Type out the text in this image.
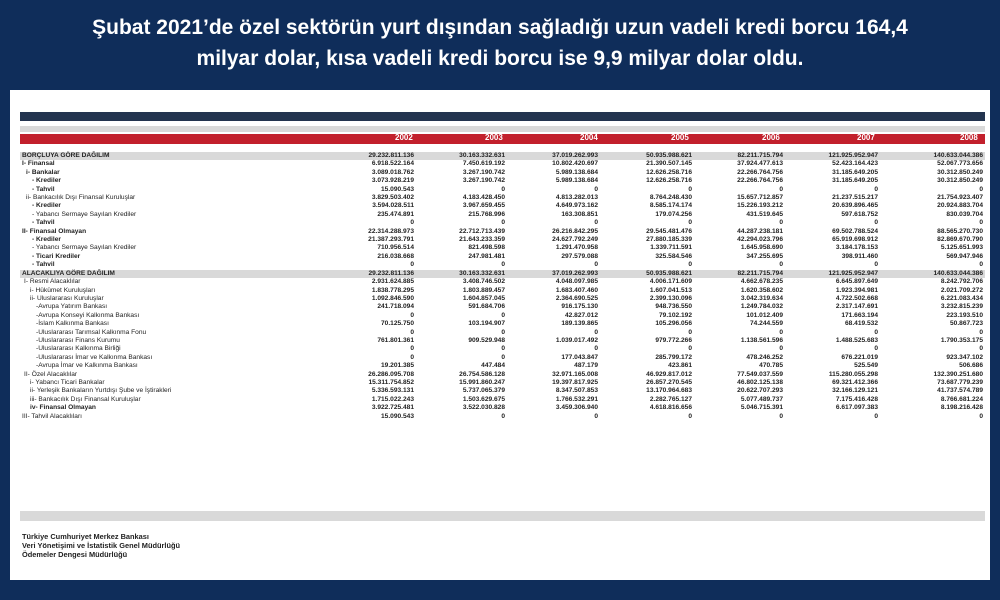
Şubat 2021’de özel sektörün yurt dışından sağladığı uzun vadeli kredi borcu 164,4
milyar dolar, kısa vadeli kredi borcu ise 9,9 milyar dolar oldu.
2002	2003	2004	2005	2006	2007	2008
BORÇLUYA GÖRE DAĞILIM	29.232.811.136	30.163.332.631	37.019.262.993	50.935.988.621	82.211.715.794	121.925.952.947	140.633.044.386
I- Finansal	6.918.522.164	7.450.619.192	10.802.420.697	21.390.507.145	37.924.477.613	52.423.164.423	52.067.773.656
i- Bankalar	3.089.018.762	3.267.190.742	5.989.138.684	12.626.258.716	22.266.764.756	31.185.649.205	30.312.850.249
- Krediler	3.073.928.219	3.267.190.742	5.989.138.684	12.626.258.716	22.266.764.756	31.185.649.205	30.312.850.249
- Tahvil	15.090.543	0	0	0	0	0	0
ii- Bankacılık Dışı Finansal Kuruluşlar	3.829.503.402	4.183.428.450	4.813.282.013	8.764.248.430	15.657.712.857	21.237.515.217	21.754.923.407
- Krediler	3.594.028.511	3.967.659.455	4.649.973.162	8.585.174.174	15.226.193.212	20.639.896.465	20.924.883.704
- Yabancı Sermaye Sayılan Krediler	235.474.891	215.768.996	163.308.851	179.074.256	431.519.645	597.618.752	830.039.704
- Tahvil	0	0	0	0	0	0	0
II- Finansal Olmayan	22.314.288.973	22.712.713.439	26.216.842.295	29.545.481.476	44.287.238.181	69.502.788.524	88.565.270.730
- Krediler	21.387.293.791	21.643.233.359	24.627.792.249	27.880.185.339	42.294.023.796	65.919.698.912	82.869.670.790
- Yabancı Sermaye Sayılan Krediler	710.956.514	821.498.598	1.291.470.958	1.339.711.591	1.645.958.690	3.184.178.153	5.125.651.993
- Ticari Krediler	216.038.668	247.981.481	297.579.088	325.584.546	347.255.695	398.911.460	569.947.946
- Tahvil	0	0	0	0	0	0	0
ALACAKLIYA GÖRE DAĞILIM	29.232.811.136	30.163.332.631	37.019.262.993	50.935.988.621	82.211.715.794	121.925.952.947	140.633.044.386
I- Resmi Alacaklılar	2.931.624.885	3.408.746.502	4.048.097.985	4.006.171.609	4.662.678.235	6.645.897.649	8.242.792.706
i- Hükümet Kuruluşları	1.838.778.295	1.803.889.457	1.683.407.460	1.607.041.513	1.620.358.602	1.923.394.981	2.021.709.272
ii- Uluslararası Kuruluşlar	1.092.846.590	1.604.857.045	2.364.690.525	2.399.130.096	3.042.319.634	4.722.502.668	6.221.083.434
-Avrupa Yatırım Bankası	241.718.094	591.684.706	916.175.130	948.736.550	1.249.784.032	2.317.147.691	3.232.815.239
-Avrupa Konseyi Kalkınma Bankası	0	0	42.827.012	79.102.192	101.012.409	171.663.194	223.193.510
-İslam Kalkınma Bankası	70.125.750	103.194.907	189.139.865	105.296.056	74.244.559	68.419.532	50.867.723
-Uluslararası Tarımsal Kalkınma Fonu	0	0	0	0	0	0	0
-Uluslararası Finans Kurumu	761.801.361	909.529.948	1.039.017.492	979.772.266	1.138.561.596	1.488.525.683	1.790.353.175
-Uluslararası Kalkınma Birliği	0	0	0	0	0	0	0
-Uluslararası İmar ve Kalkınma Bankası	0	0	177.043.847	285.799.172	478.246.252	676.221.019	923.347.102
-Avrupa İmar ve Kalkınma Bankası	19.201.385	447.484	487.179	423.861	470.785	525.549	506.686
II- Özel Alacaklılar	26.286.095.708	26.754.586.128	32.971.165.008	46.929.817.012	77.549.037.559	115.280.055.298	132.390.251.680
i- Yabancı Ticari Bankalar	15.311.754.852	15.991.860.247	19.397.817.925	26.857.270.545	46.802.125.138	69.321.412.366	73.687.779.239
ii- Yerleşik Bankaların Yurtdışı Şube ve İştirakleri	5.336.593.131	5.737.065.379	8.347.507.853	13.170.964.683	20.622.707.293	32.166.129.121	41.737.574.789
iii- Bankacılık Dışı Finansal Kuruluşlar	1.715.022.243	1.503.629.675	1.766.532.291	2.282.765.127	5.077.489.737	7.175.416.428	8.766.681.224
iv- Finansal Olmayan	3.922.725.481	3.522.030.828	3.459.306.940	4.618.816.656	5.046.715.391	6.617.097.383	8.198.216.428
III- Tahvil Alacaklıları	15.090.543	0	0	0	0	0	0
Türkiye Cumhuriyet Merkez Bankası
Veri Yönetişimi ve İstatistik Genel Müdürlüğü
Ödemeler Dengesi Müdürlüğü
